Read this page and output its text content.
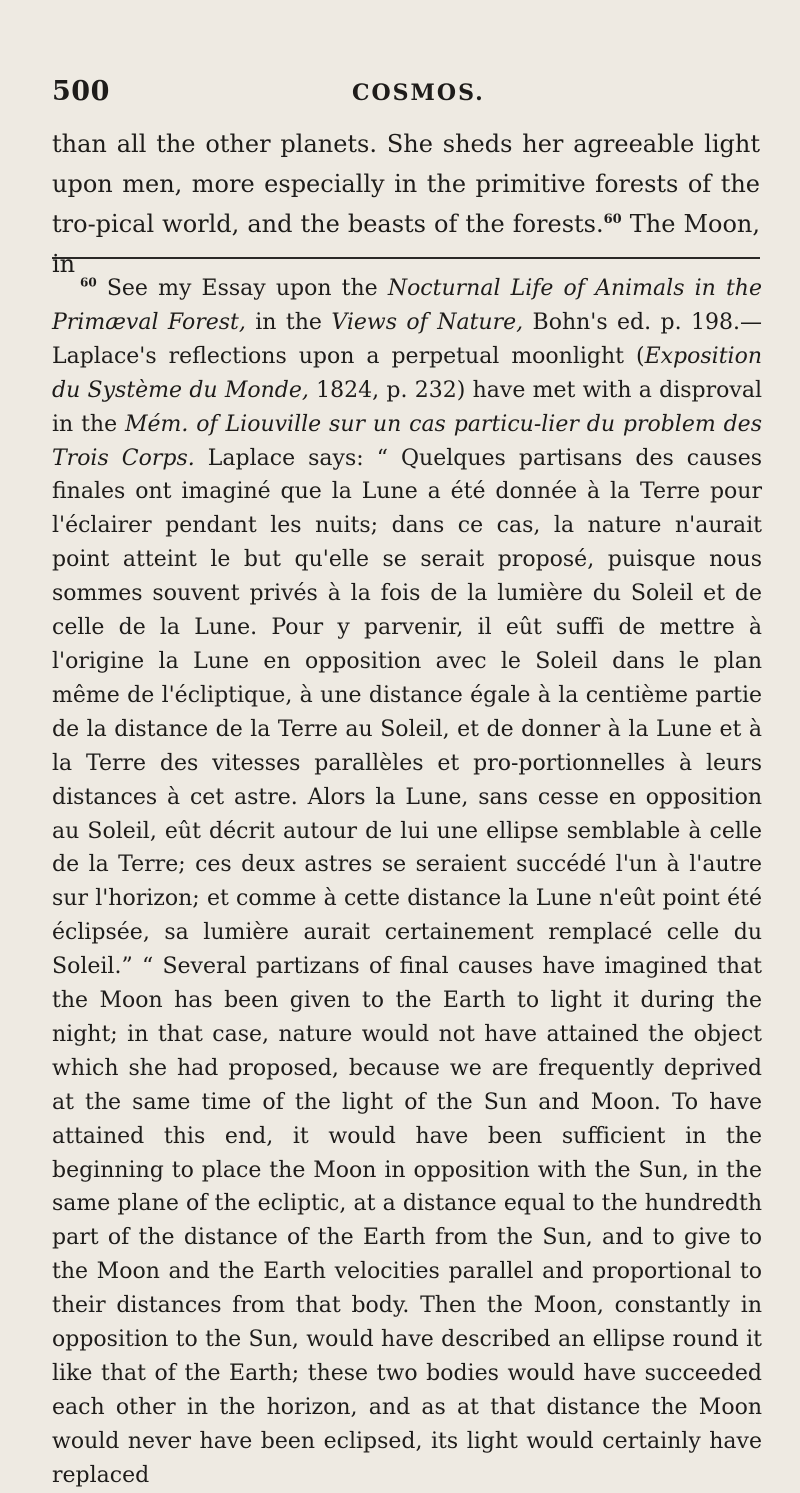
500	COSMOS.
than all the other planets. She sheds her agreeable light upon men, more especially in the primitive forests of the tro-pical world, and the beasts of the forests.$^{60}$ The Moon, in
$^{60}$ See my Essay upon the Nocturnal Life of Animals in the Primæval Forest, in the Views of Nature, Bohn's ed. p. 198.—Laplace's reflections upon a perpetual moonlight (Exposition du Système du Monde, 1824, p. 232) have met with a disproval in the Mém. of Liouville sur un cas particu-lier du problem des Trois Corps. Laplace says: “ Quelques partisans des causes finales ont imaginé que la Lune a été donnée à la Terre pour l'éclairer pendant les nuits; dans ce cas, la nature n'aurait point atteint le but qu'elle se serait proposé, puisque nous sommes souvent privés à la fois de la lumière du Soleil et de celle de la Lune. Pour y parvenir, il eût suffi de mettre à l'origine la Lune en opposition avec le Soleil dans le plan même de l'écliptique, à une distance égale à la centième partie de la distance de la Terre au Soleil, et de donner à la Lune et à la Terre des vitesses parallèles et pro-portionnelles à leurs distances à cet astre. Alors la Lune, sans cesse en opposition au Soleil, eût décrit autour de lui une ellipse semblable à celle de la Terre; ces deux astres se seraient succédé l'un à l'autre sur l'horizon; et comme à cette distance la Lune n'eût point été éclipsée, sa lumière aurait certainement remplacé celle du Soleil.” “ Several partizans of final causes have imagined that the Moon has been given to the Earth to light it during the night; in that case, nature would not have attained the object which she had proposed, because we are frequently deprived at the same time of the light of the Sun and Moon. To have attained this end, it would have been sufficient in the beginning to place the Moon in opposition with the Sun, in the same plane of the ecliptic, at a distance equal to the hundredth part of the distance of the Earth from the Sun, and to give to the Moon and the Earth velocities parallel and proportional to their distances from that body. Then the Moon, constantly in opposition to the Sun, would have described an ellipse round it like that of the Earth; these two bodies would have succeeded each other in the horizon, and as at that distance the Moon would never have been eclipsed, its light would certainly have replaced
